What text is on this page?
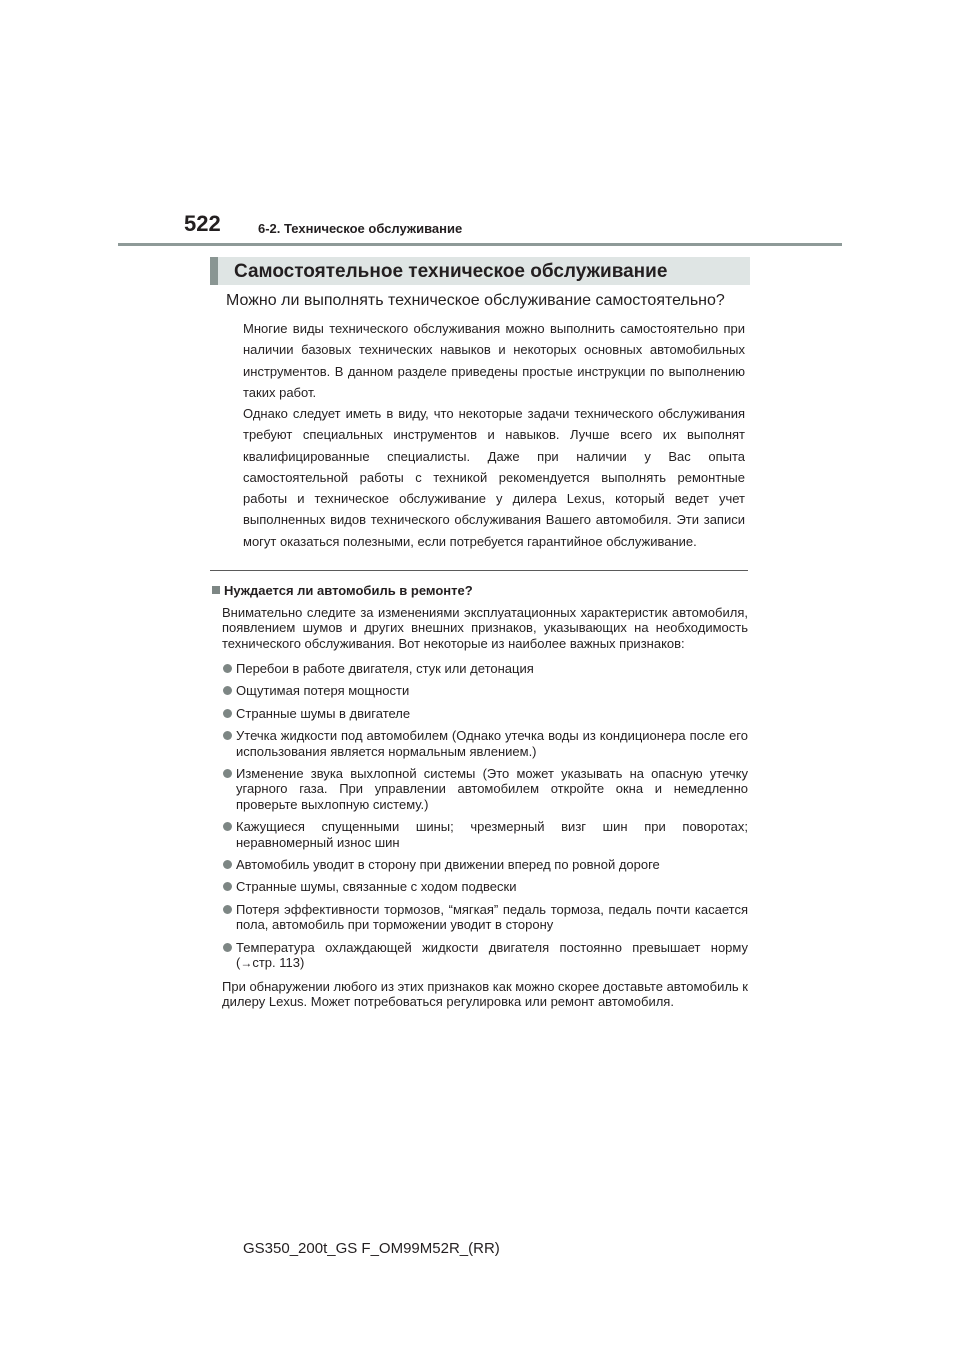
522	6-2. Техническое обслуживание
Самостоятельное техническое обслуживание
Можно ли выполнять техническое обслуживание самостоятельно?

Многие виды технического обслуживания можно выполнить самостоятельно при наличии базовых технических навыков и некоторых основных автомобильных инструментов. В данном разделе приведены простые инструкции по выполнению таких работ.

Однако следует иметь в виду, что некоторые задачи технического обслуживания требуют специальных инструментов и навыков. Лучше всего их выполнят квалифицированные специалисты. Даже при наличии у Вас опыта самостоятельной работы с техникой рекомендуется выполнять ремонтные работы и техническое обслуживание у дилера Lexus, который ведет учет выполненных видов технического обслуживания Вашего автомобиля. Эти записи могут оказаться полезными, если потребуется гарантийное обслуживание.

Нуждается ли автомобиль в ремонте?

Внимательно следите за изменениями эксплуатационных характеристик автомобиля, появлением шумов и других внешних признаков, указывающих на необходимость технического обслуживания. Вот некоторые из наиболее важных признаков:

Перебои в работе двигателя, стук или детонация
Ощутимая потеря мощности
Странные шумы в двигателе
Утечка жидкости под автомобилем (Однако утечка воды из кондиционера после его использования является нормальным явлением.)
Изменение звука выхлопной системы (Это может указывать на опасную утечку угарного газа. При управлении автомобилем откройте окна и немедленно проверьте выхлопную систему.)
Кажущиеся спущенными шины; чрезмерный визг шин при поворотах; неравномерный износ шин
Автомобиль уводит в сторону при движении вперед по ровной дороге
Странные шумы, связанные с ходом подвески
Потеря эффективности тормозов, “мягкая” педаль тормоза, педаль почти касается пола, автомобиль при торможении уводит в сторону
Температура охлаждающей жидкости двигателя постоянно превышает норму (→стр. 113)

При обнаружении любого из этих признаков как можно скорее доставьте автомобиль к дилеру Lexus. Может потребоваться регулировка или ремонт автомобиля.

GS350_200t_GS F_OM99M52R_(RR)
